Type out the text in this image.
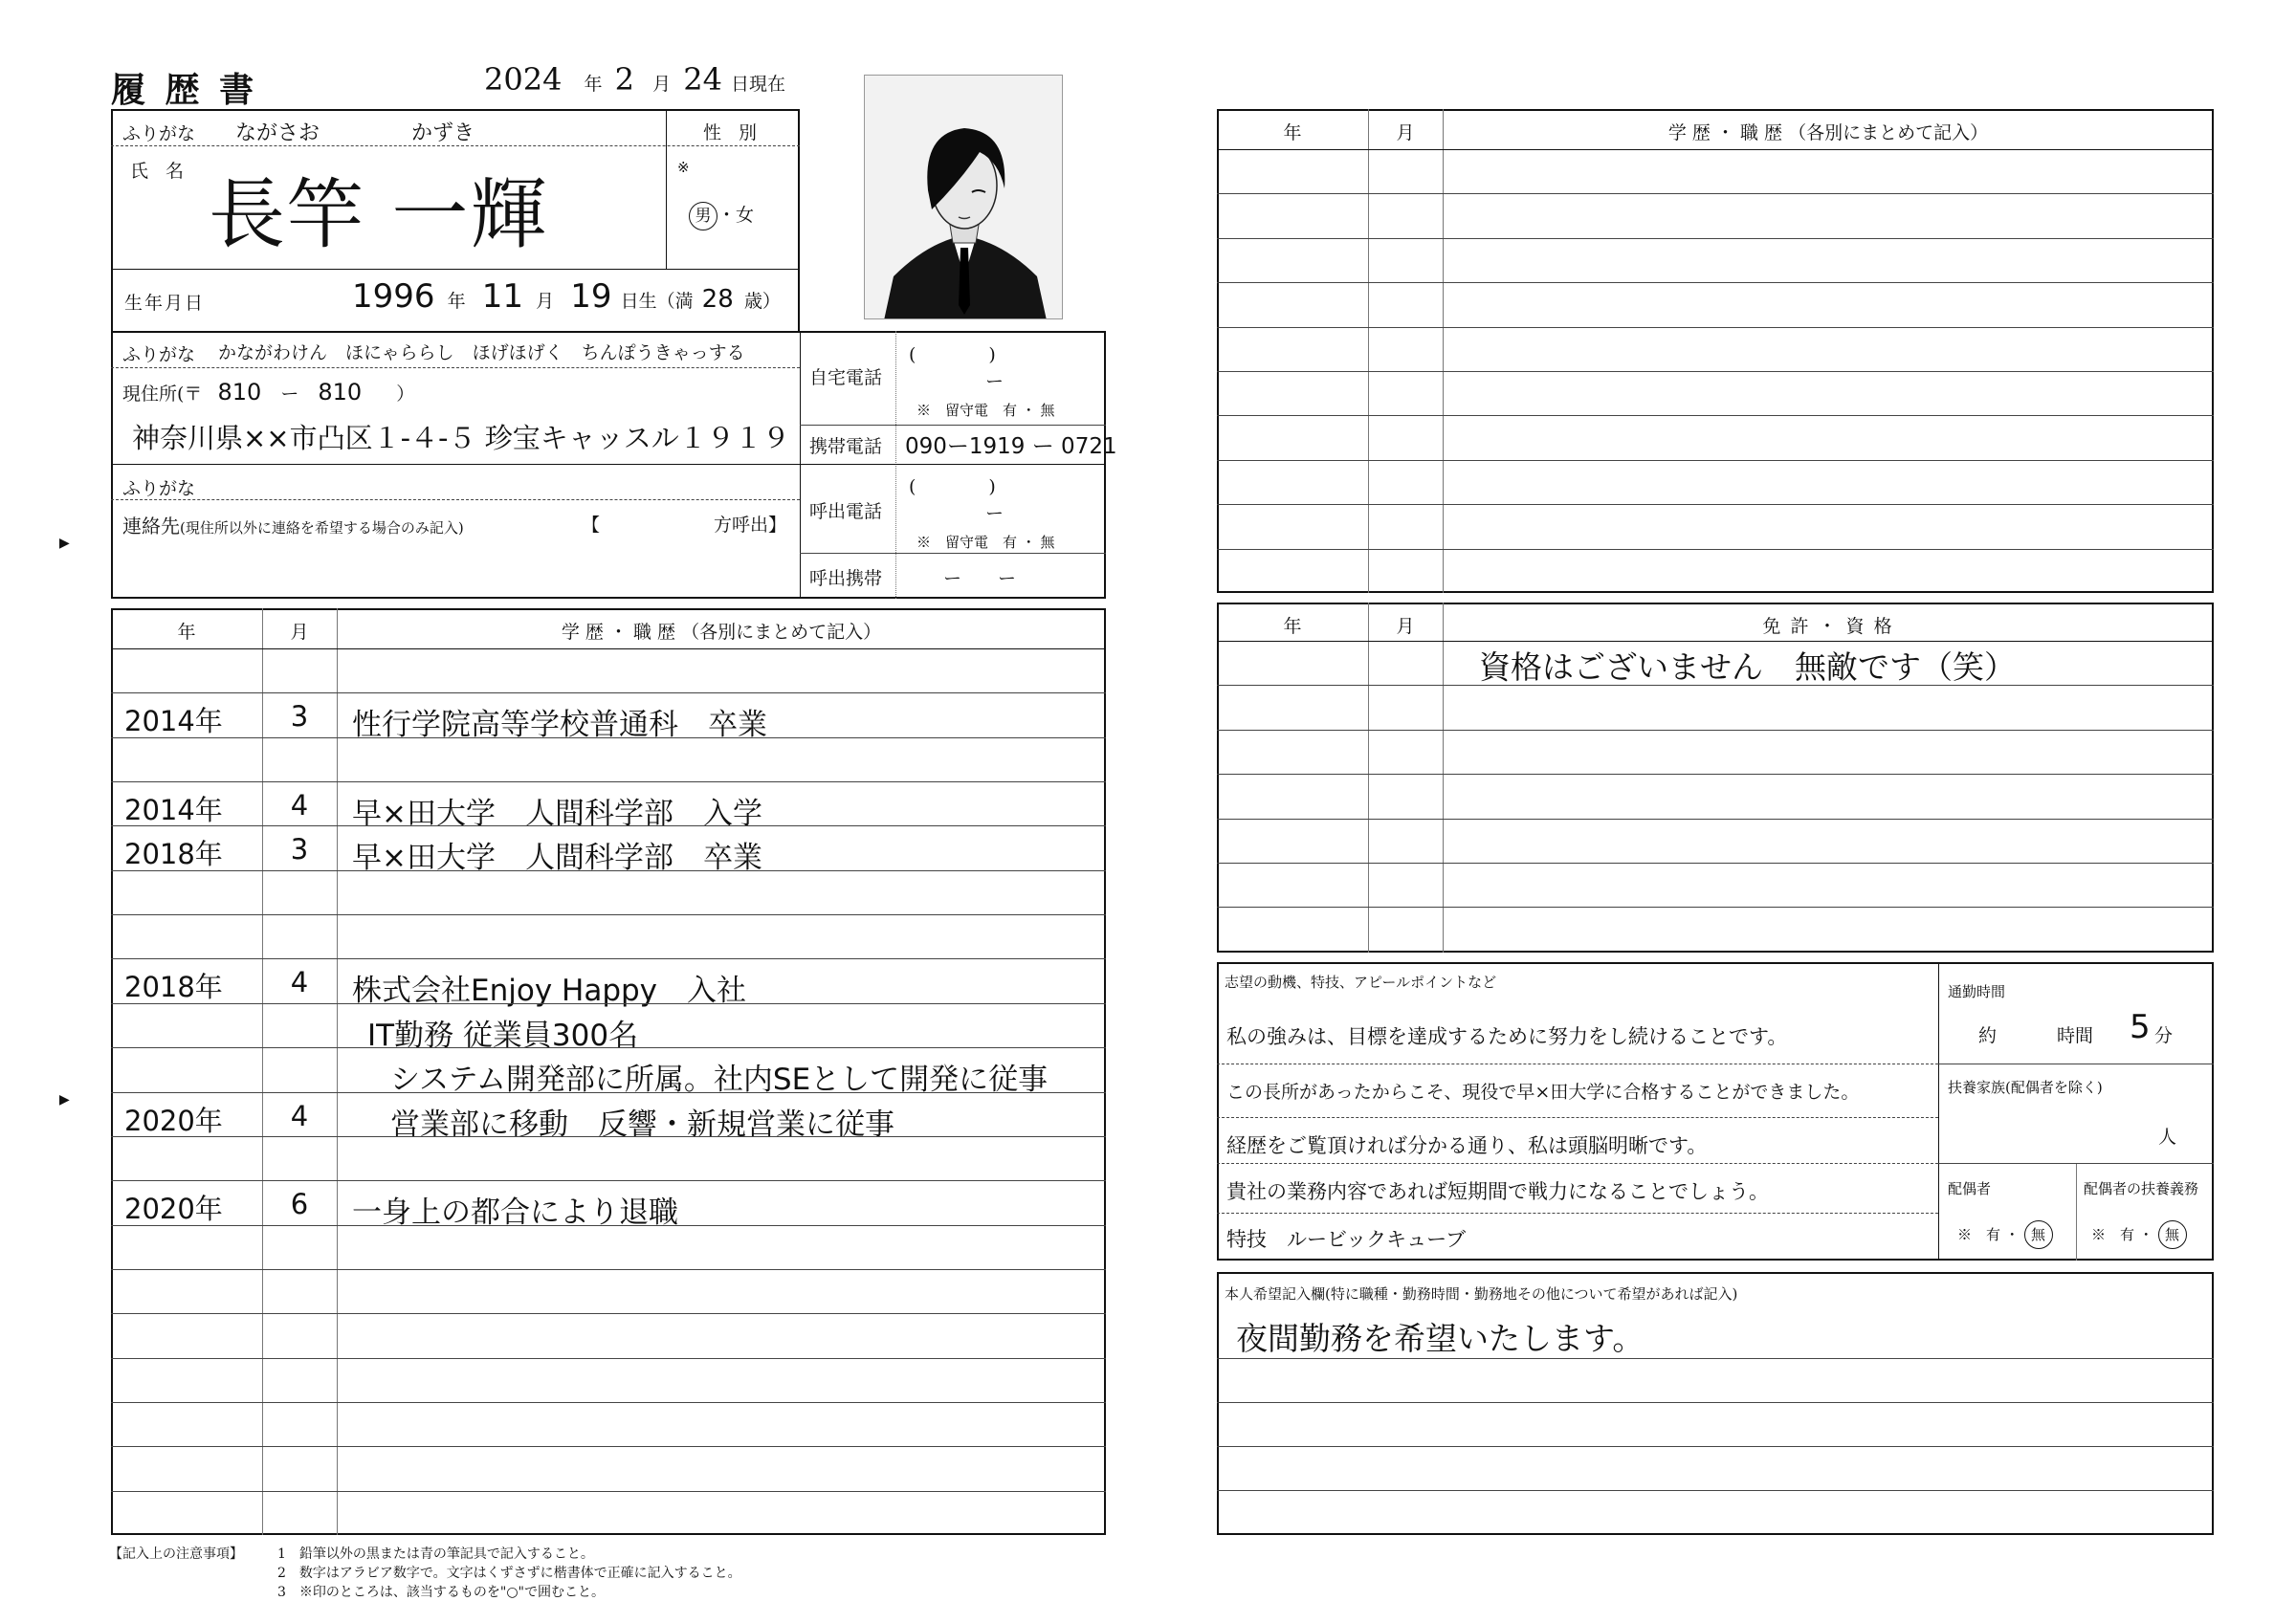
履 歴 書	2024 年 2 月 24 日現在
ふりがな ながさお	かずき	性 別
氏 名 長竿 一輝
※
男 ・女
生年月日	1996 年 11 月 19 日生（満 28 歳）
ふりがな かながわけん　ほにゃららし　ほげほげく　ちんぽうきゃっする
現住所(〒 810 ー 810 ）
神奈川県××市凸区１-４-５ 珍宝キャッスル１９１９
ふりがな
連絡先(現住所以外に連絡を希望する場合のみ記入)	【	方呼出】
自宅電話
(　　　　)
ー
※　留守電　有 ・ 無
携帯電話 090ー1919 ー 0721
呼出電話
(　　　　)
ー
※　留守電　有 ・ 無
呼出携帯	ー　　ー
▶
▶
年	月	学 歴 ・ 職 歴 （各別にまとめて記入）
2014年	3	性行学院高等学校普通科　卒業
2014年	4	早×田大学　人間科学部　入学
2018年	3	早×田大学　人間科学部　卒業
2018年	4	株式会社Enjoy Happy　入社
IT勤務 従業員300名
システム開発部に所属。社内SEとして開発に従事
2020年	4	営業部に移動　反響・新規営業に従事
2020年	6	一身上の都合により退職
【記入上の注意事項】	1　鉛筆以外の黒または青の筆記具で記入すること。
2　数字はアラビア数字で。文字はくずさずに楷書体で正確に記入すること。
3　※印のところは、該当するものを"○"で囲むこと。
年	月	学 歴 ・ 職 歴 （各別にまとめて記入）
年	月	免 許 ・ 資 格
資格はございません　無敵です（笑）
志望の動機、特技、アピールポイントなど
私の強みは、目標を達成するために努力をし続けることです。
この長所があったからこそ、現役で早×田大学に合格することができました。
経歴をご覧頂ければ分かる通り、私は頭脳明晰です。
貴社の業務内容であれば短期間で戦力になることでしょう。
特技　ルービックキューブ
通勤時間
約	時間 5 分
扶養家族(配偶者を除く)
人
配偶者	配偶者の扶養義務
※　有 ・ 無	※　有 ・ 無
本人希望記入欄(特に職種・勤務時間・勤務地その他について希望があれば記入)
夜間勤務を希望いたします。
